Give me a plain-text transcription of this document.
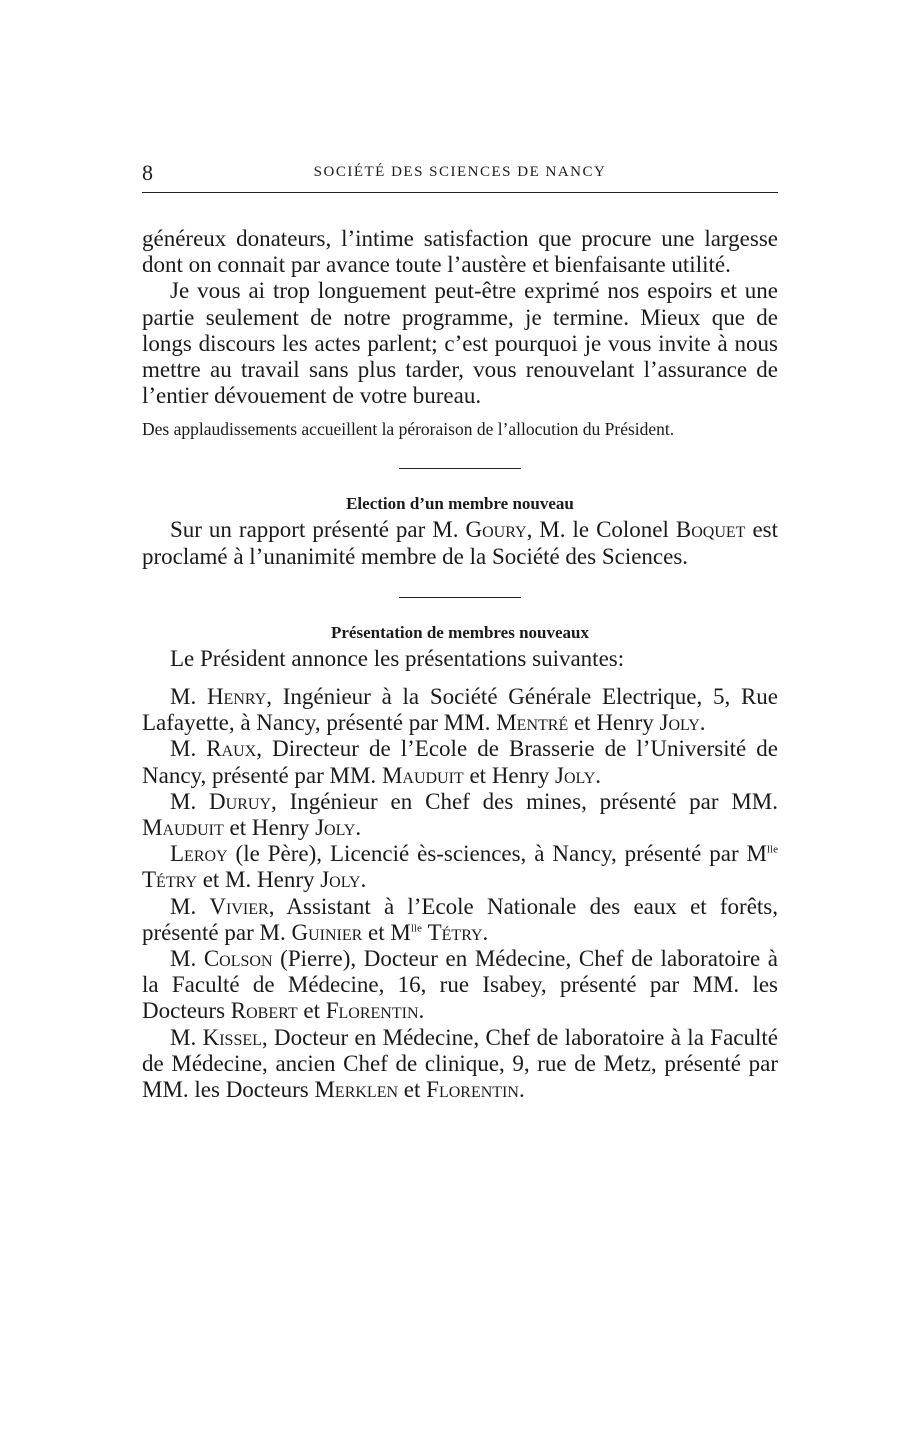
8	SOCIÉTÉ DES SCIENCES DE NANCY

généreux donateurs, l’intime satisfaction que procure une largesse dont on connait par avance toute l’austère et bienfaisante utilité.

Je vous ai trop longuement peut-être exprimé nos espoirs et une partie seulement de notre programme, je termine. Mieux que de longs discours les actes parlent; c’est pourquoi je vous invite à nous mettre au travail sans plus tarder, vous renouvelant l’assurance de l’entier dévouement de votre bureau.

Des applaudissements accueillent la péroraison de l’allocution du Président.

Election d’un membre nouveau

Sur un rapport présenté par M. Goury, M. le Colonel Boquet est proclamé à l’unanimité membre de la Société des Sciences.

Présentation de membres nouveaux

Le Président annonce les présentations suivantes:

M. Henry, Ingénieur à la Société Générale Electrique, 5, Rue Lafayette, à Nancy, présenté par MM. Mentré et Henry Joly.

M. Raux, Directeur de l’Ecole de Brasserie de l’Université de Nancy, présenté par MM. Mauduit et Henry Joly.

M. Duruy, Ingénieur en Chef des mines, présenté par MM. Mauduit et Henry Joly.

Leroy (le Père), Licencié ès-sciences, à Nancy, présenté par $M^{lle}$ Tétry et M. Henry Joly.

M. Vivier, Assistant à l’Ecole Nationale des eaux et forêts, présenté par M. Guinier et $M^{lle}$ Tétry.

M. Colson (Pierre), Docteur en Médecine, Chef de laboratoire à la Faculté de Médecine, 16, rue Isabey, présenté par MM. les Docteurs Robert et Florentin.

M. Kissel, Docteur en Médecine, Chef de laboratoire à la Faculté de Médecine, ancien Chef de clinique, 9, rue de Metz, présenté par MM. les Docteurs Merklen et Florentin.
